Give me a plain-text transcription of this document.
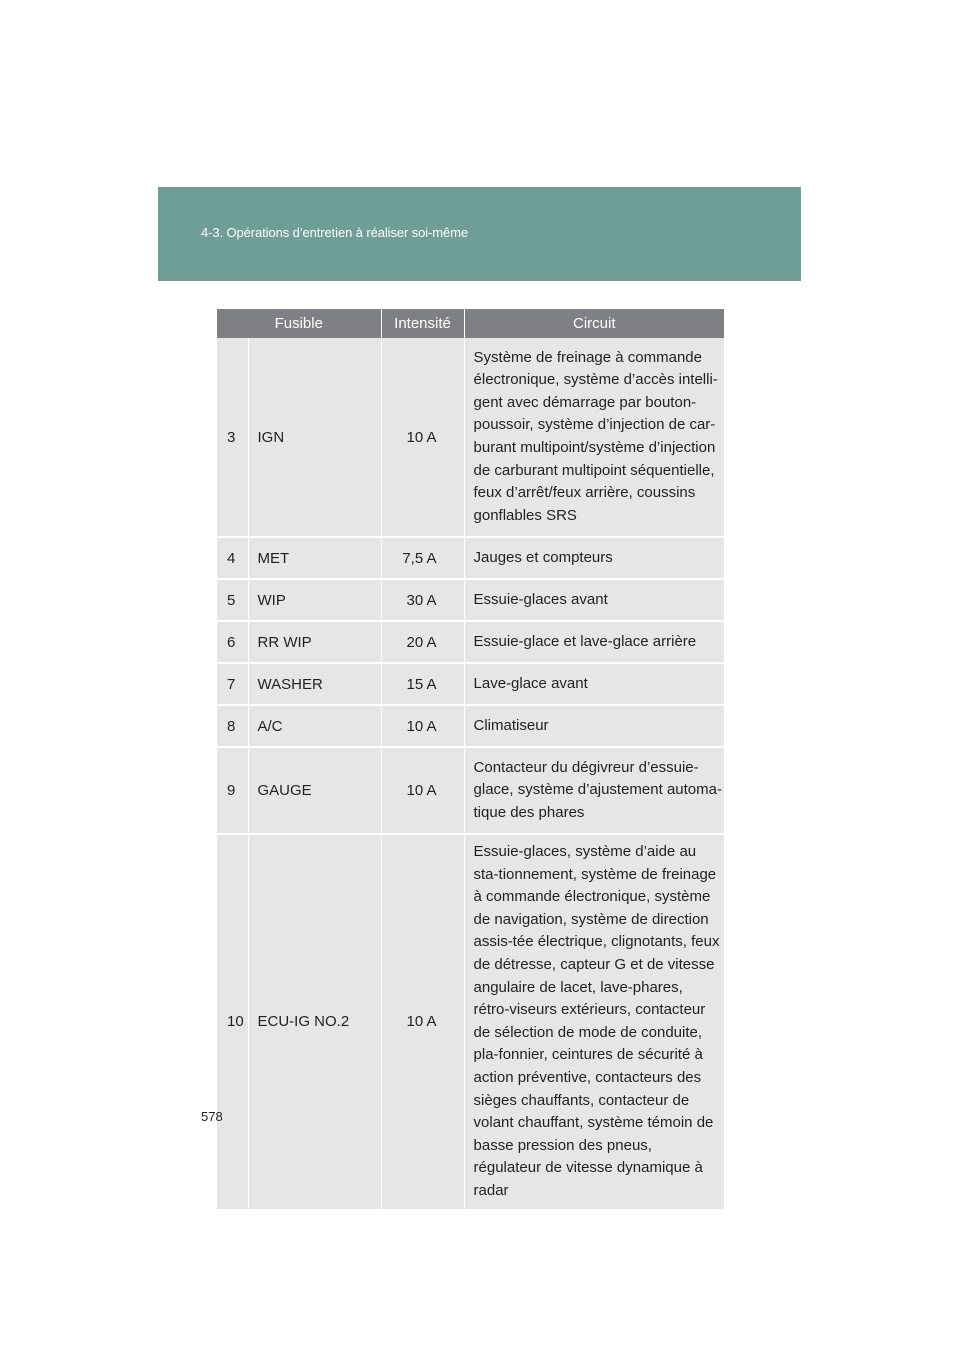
4-3. Opérations d’entretien à réaliser soi-même
Fusible		Intensité	Circuit
3	IGN	10 A	Système de freinage à commande électronique, système d’accès intelli-gent avec démarrage par bouton-poussoir, système d’injection de car-burant multipoint/système d’injection de carburant multipoint séquentielle, feux d’arrêt/feux arrière, coussins gonflables SRS
4	MET	7,5 A	Jauges et compteurs
5	WIP	30 A	Essuie-glaces avant
6	RR WIP	20 A	Essuie-glace et lave-glace arrière
7	WASHER	15 A	Lave-glace avant
8	A/C	10 A	Climatiseur
9	GAUGE	10 A	Contacteur du dégivreur d’essuie-glace, système d’ajustement automa-tique des phares
10	ECU-IG NO.2	10 A	Essuie-glaces, système d’aide au sta-tionnement, système de freinage à commande électronique, système de navigation, système de direction assis-tée électrique, clignotants, feux de détresse, capteur G et de vitesse angulaire de lacet, lave-phares, rétro-viseurs extérieurs, contacteur de sélection de mode de conduite, pla-fonnier, ceintures de sécurité à action préventive, contacteurs des sièges chauffants, contacteur de volant chauffant, système témoin de basse pression des pneus, régulateur de vitesse dynamique à radar
578
